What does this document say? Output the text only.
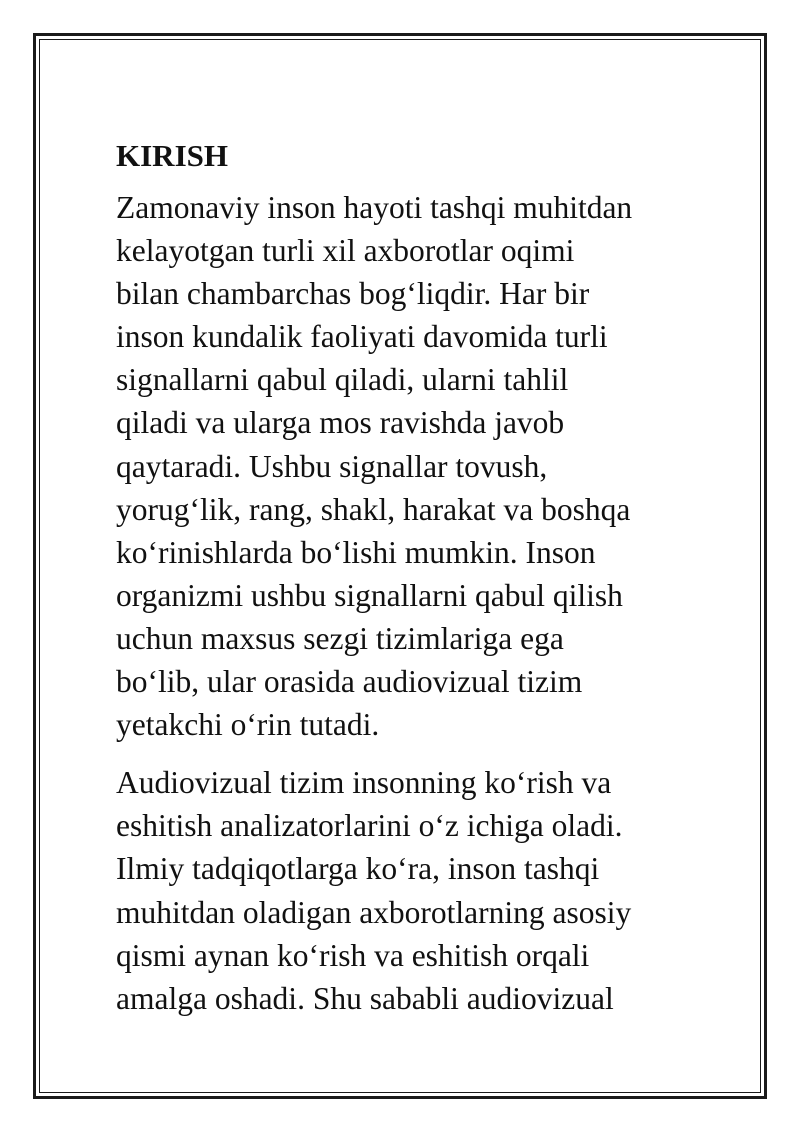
KIRISH
Zamonaviy inson hayoti tashqi muhitdan
kelayotgan turli xil axborotlar oqimi
bilan chambarchas bog‘liqdir. Har bir
inson kundalik faoliyati davomida turli
signallarni qabul qiladi, ularni tahlil
qiladi va ularga mos ravishda javob
qaytaradi. Ushbu signallar tovush,
yorug‘lik, rang, shakl, harakat va boshqa
ko‘rinishlarda bo‘lishi mumkin. Inson
organizmi ushbu signallarni qabul qilish
uchun maxsus sezgi tizimlariga ega
bo‘lib, ular orasida audiovizual tizim
yetakchi o‘rin tutadi.
Audiovizual tizim insonning ko‘rish va
eshitish analizatorlarini o‘z ichiga oladi.
Ilmiy tadqiqotlarga ko‘ra, inson tashqi
muhitdan oladigan axborotlarning asosiy
qismi aynan ko‘rish va eshitish orqali
amalga oshadi. Shu sababli audiovizual
